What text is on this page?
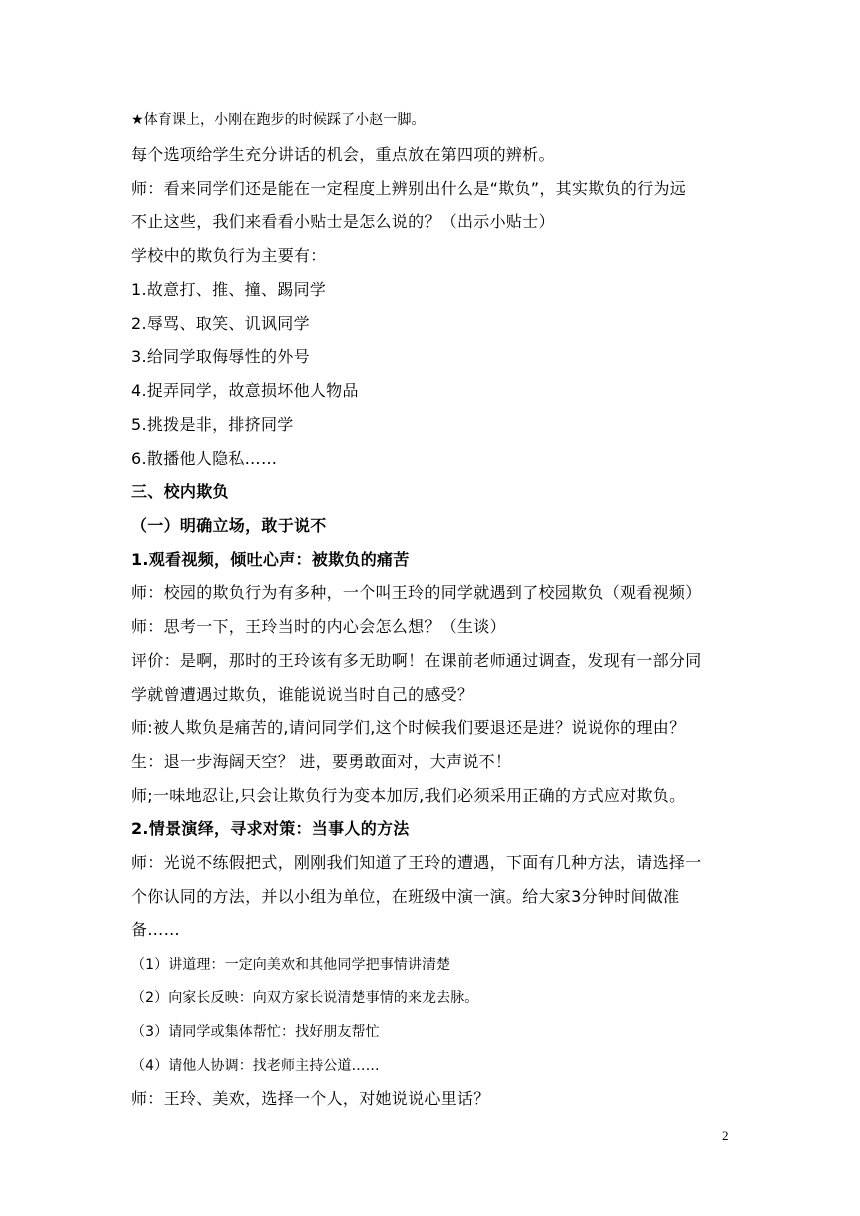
★体育课上，小刚在跑步的时候踩了小赵一脚。
每个选项给学生充分讲话的机会，重点放在第四项的辨析。
师：看来同学们还是能在一定程度上辨别出什么是“欺负”，其实欺负的行为远
不止这些，我们来看看小贴士是怎么说的？（出示小贴士）
学校中的欺负行为主要有：
1.故意打、推、撞、踢同学
2.辱骂、取笑、讥讽同学
3.给同学取侮辱性的外号
4.捉弄同学，故意损坏他人物品
5.挑拨是非，排挤同学
6.散播他人隐私……
三、校内欺负
（一）明确立场，敢于说不
1.观看视频，倾吐心声：被欺负的痛苦
师：校园的欺负行为有多种，一个叫王玲的同学就遇到了校园欺负（观看视频）
师：思考一下，王玲当时的内心会怎么想？（生谈）
评价：是啊，那时的王玲该有多无助啊！在课前老师通过调查，发现有一部分同
学就曾遭遇过欺负，谁能说说当时自己的感受？
师:被人欺负是痛苦的,请问同学们,这个时候我们要退还是进？说说你的理由？
生：退一步海阔天空？ 进，要勇敢面对，大声说不！
师;一味地忍让,只会让欺负行为变本加厉,我们必须采用正确的方式应对欺负。
2.情景演绎，寻求对策：当事人的方法
师：光说不练假把式，刚刚我们知道了王玲的遭遇，下面有几种方法，请选择一
个你认同的方法，并以小组为单位，在班级中演一演。给大家3分钟时间做准
备……
（1）讲道理：一定向美欢和其他同学把事情讲清楚
（2）向家长反映：向双方家长说清楚事情的来龙去脉。
（3）请同学或集体帮忙：找好朋友帮忙
（4）请他人协调：找老师主持公道……
师：王玲、美欢，选择一个人，对她说说心里话？
2
